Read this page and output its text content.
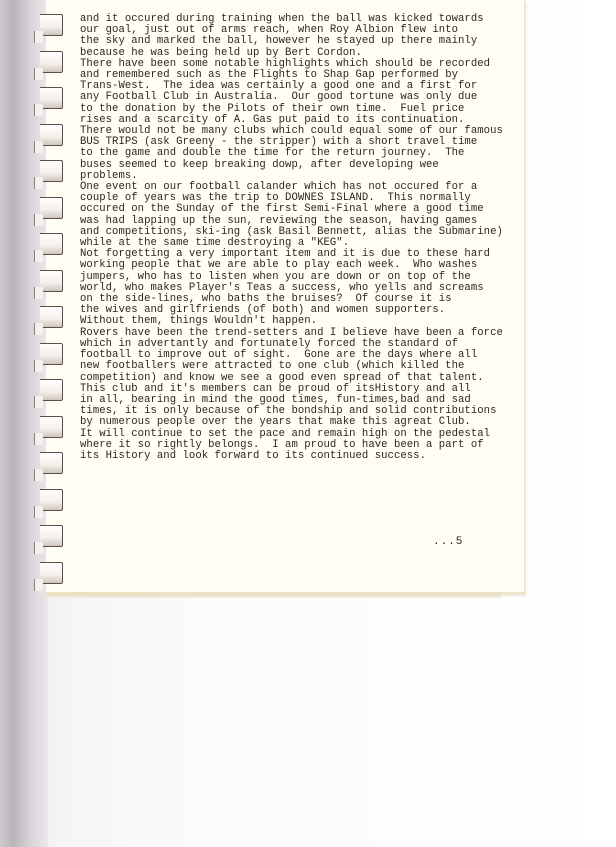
and it occured during training when the ball was kicked towards
our goal, just out of arms reach, when Roy Albion flew into
the sky and marked the ball, however he stayed up there mainly
because he was being held up by Bert Cordon.
There have been some notable highlights which should be recorded
and remembered such as the Flights to Shap Gap performed by
Trans-West.  The idea was certainly a good one and a first for
any Football Club in Australia.  Our good tortune was only due
to the donation by the Pilots of their own time.  Fuel price
rises and a scarcity of A. Gas put paid to its continuation.
There would not be many clubs which could equal some of our famous
BUS TRIPS (ask Greeny - the stripper) with a short travel time
to the game and double the time for the return journey.  The
buses seemed to keep breaking dowp, after developing wee
problems.
One event on our football calander which has not occured for a
couple of years was the trip to DOWNES ISLAND.  This normally
occured on the Sunday of the first Semi-Final where a good time
was had lapping up the sun, reviewing the season, having games
and competitions, ski-ing (ask Basil Bennett, alias the Submarine)
while at the same time destroying a "KEG".
Not forgetting a very important item and it is due to these hard
working people that we are able to play each week.  Who washes
jumpers, who has to listen when you are down or on top of the
world, who makes Player's Teas a success, who yells and screams
on the side-lines, who baths the bruises?  Of course it is
the wives and girlfriends (of both) and women supporters.
Without them, things Wouldn't happen.
Rovers have been the trend-setters and I believe have been a force
which in advertantly and fortunately forced the standard of
football to improve out of sight.  Gone are the days where all
new footballers were attracted to one club (which killed the
competition) and know we see a good even spread of that talent.
This club and it's members can be proud of itsHistory and all
in all, bearing in mind the good times, fun-times,bad and sad
times, it is only because of the bondship and solid contributions
by numerous people over the years that make this agreat Club.
It will continue to set the pace and remain high on the pedestal
where it so rightly belongs.  I am proud to have been a part of
its History and look forward to its continued success.
...5
